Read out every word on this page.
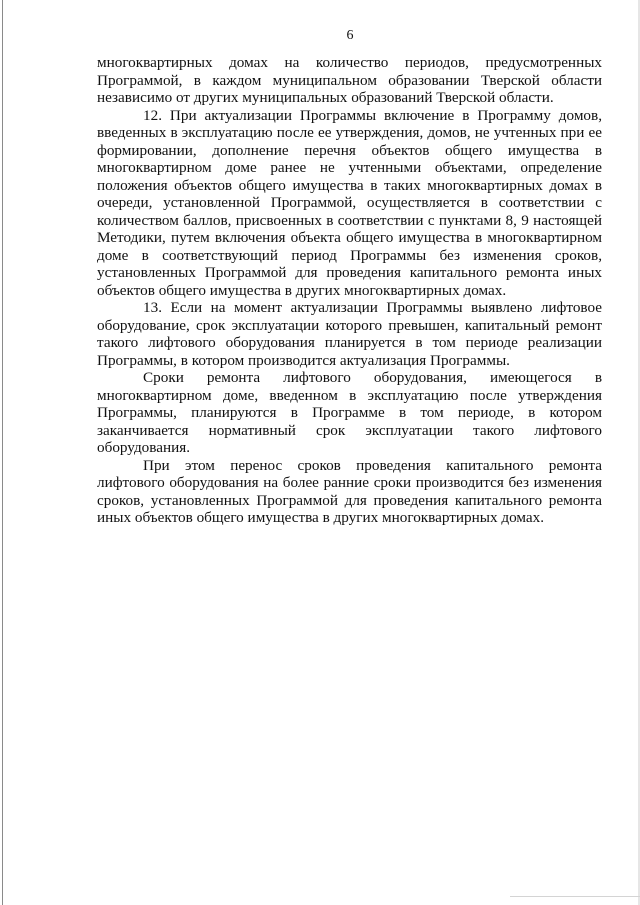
6

многоквартирных домах на количество периодов, предусмотренных Программой, в каждом муниципальном образовании Тверской области независимо от других муниципальных образований Тверской области.

12. При актуализации Программы включение в Программу домов, введенных в эксплуатацию после ее утверждения, домов, не учтенных при ее формировании, дополнение перечня объектов общего имущества в многоквартирном доме ранее не учтенными объектами, определение положения объектов общего имущества в таких многоквартирных домах в очереди, установленной Программой, осуществляется в соответствии с количеством баллов, присвоенных в соответствии с пунктами 8, 9 настоящей Методики, путем включения объекта общего имущества в многоквартирном доме в соответствующий период Программы без изменения сроков, установленных Программой для проведения капитального ремонта иных объектов общего имущества в других многоквартирных домах.

13. Если на момент актуализации Программы выявлено лифтовое оборудование, срок эксплуатации которого превышен, капитальный ремонт такого лифтового оборудования планируется в том периоде реализации Программы, в котором производится актуализация Программы.

Сроки ремонта лифтового оборудования, имеющегося в многоквартирном доме, введенном в эксплуатацию после утверждения Программы, планируются в Программе в том периоде, в котором заканчивается нормативный срок эксплуатации такого лифтового оборудования.

При этом перенос сроков проведения капитального ремонта лифтового оборудования на более ранние сроки производится без изменения сроков, установленных Программой для проведения капитального ремонта иных объектов общего имущества в других многоквартирных домах.
